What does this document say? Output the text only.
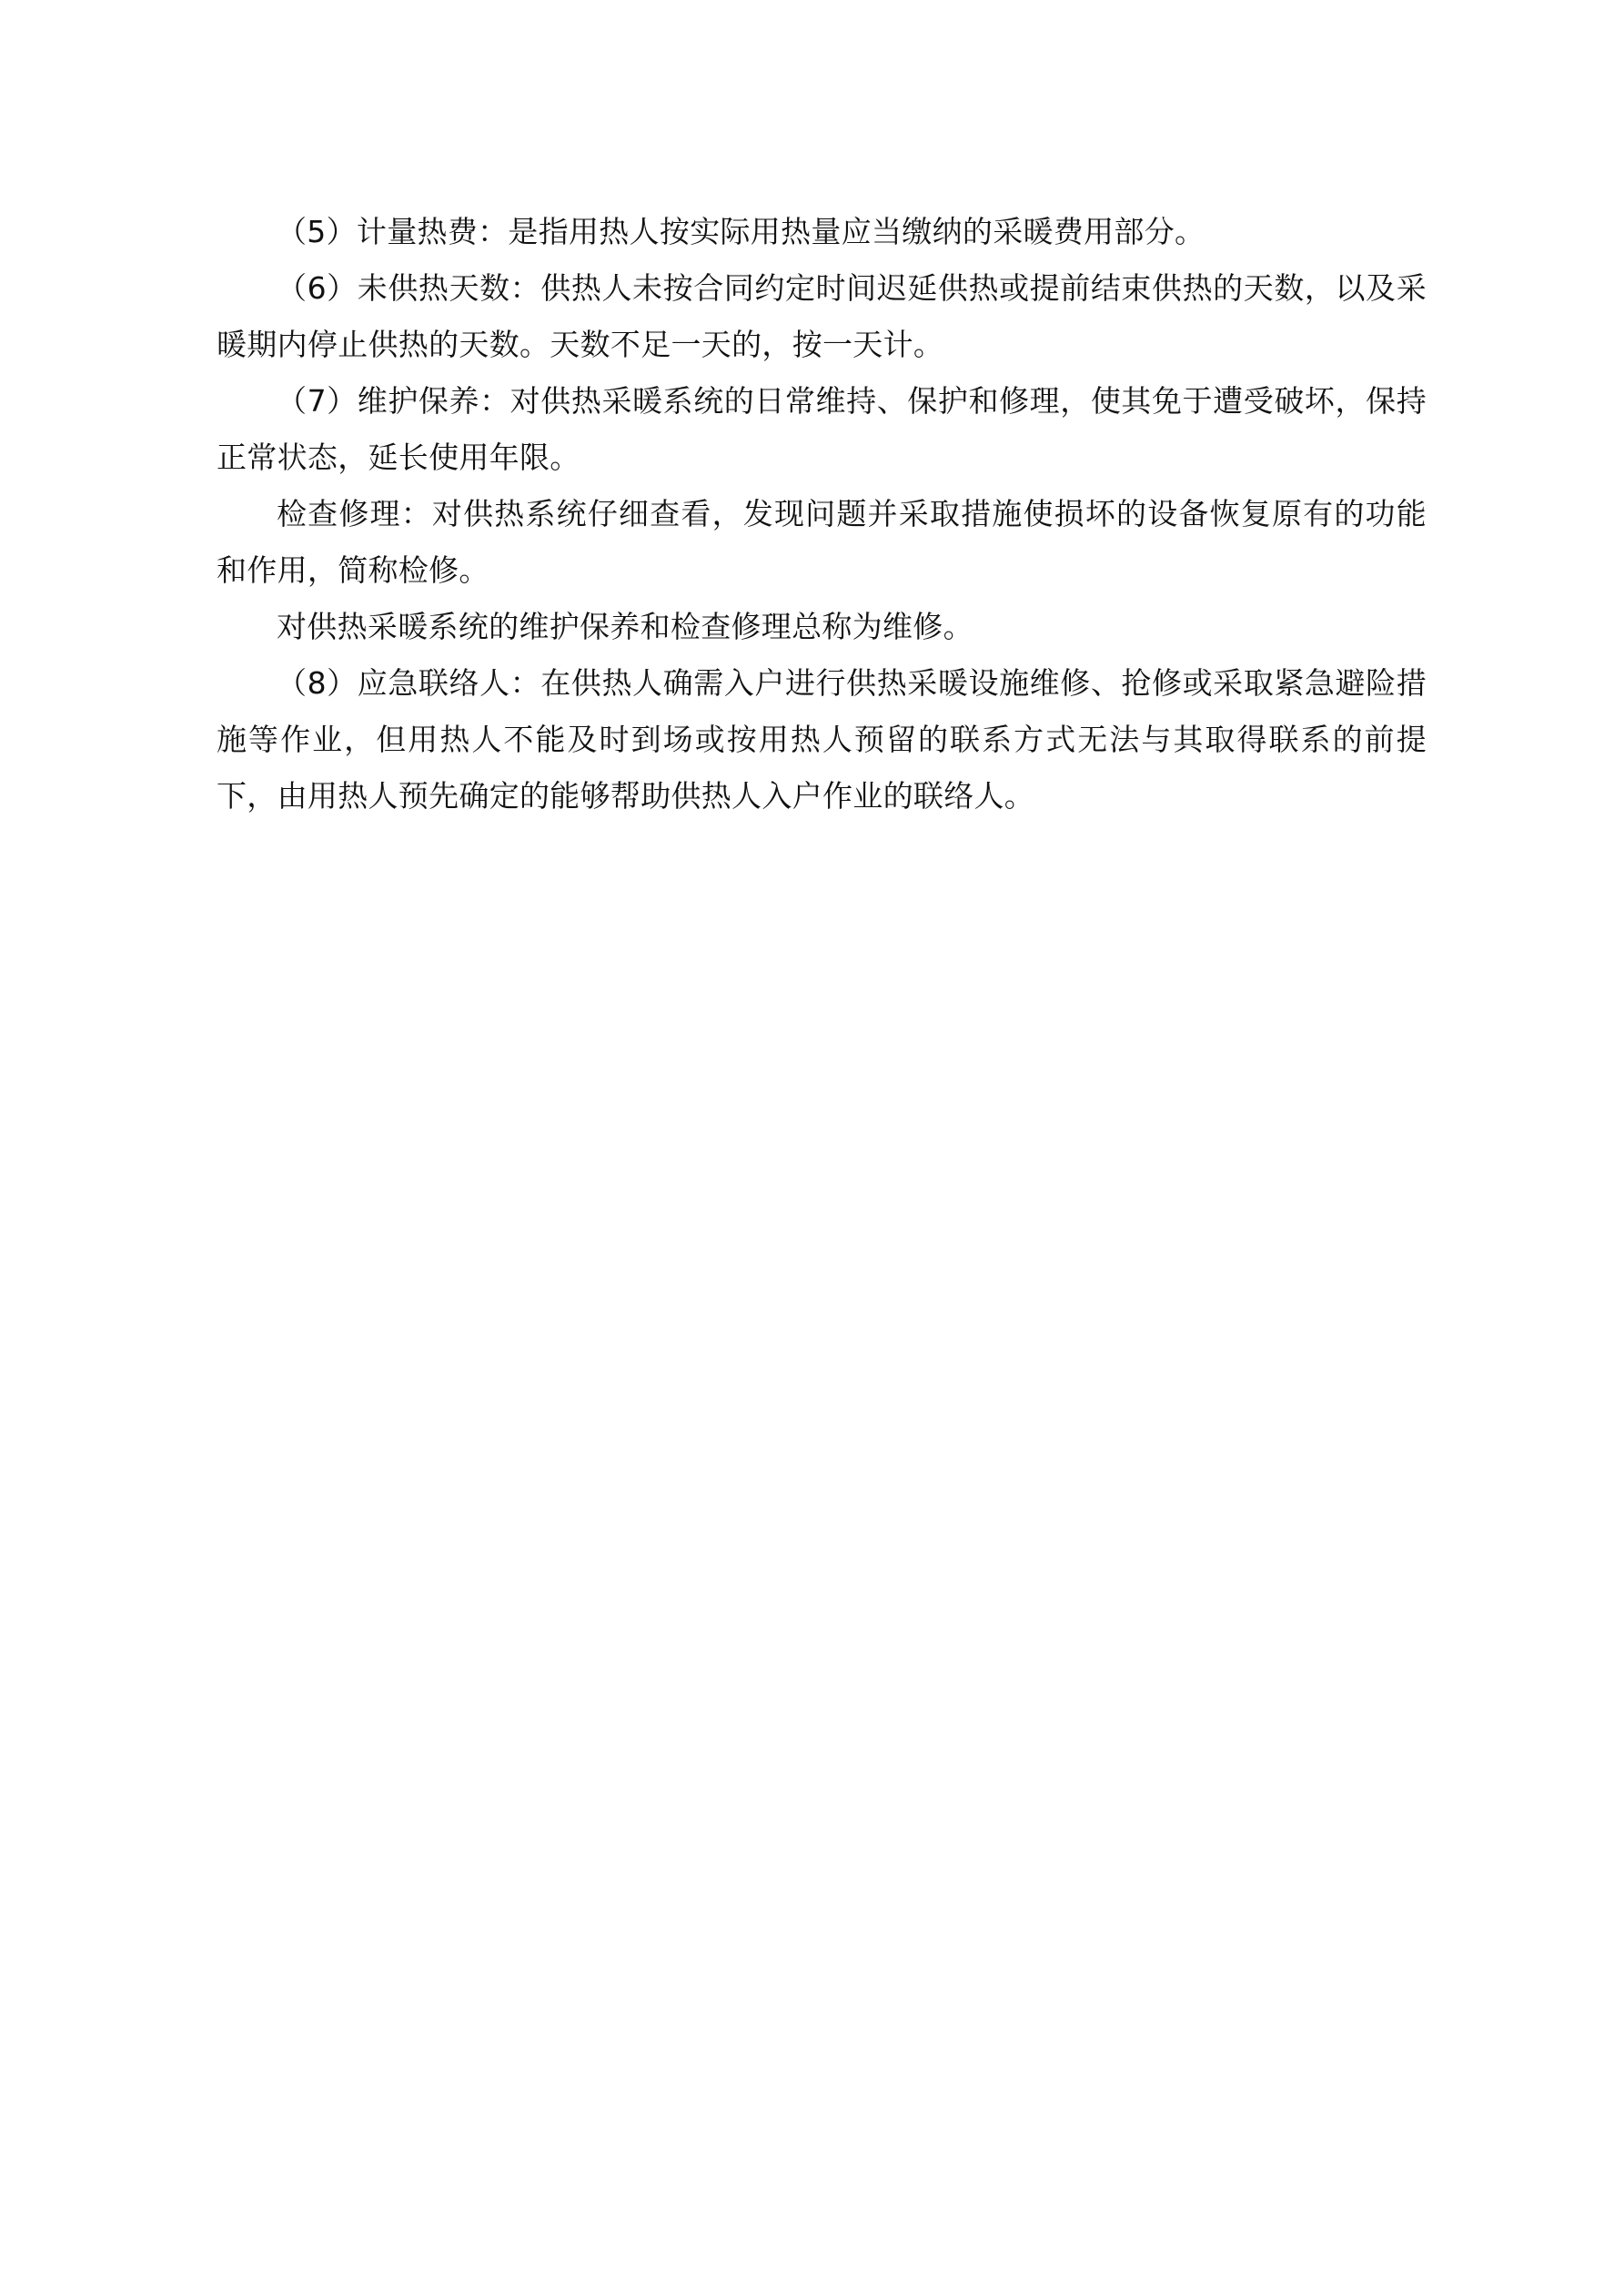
（5）计量热费：是指用热人按实际用热量应当缴纳的采暖费用部分。

（6）未供热天数：供热人未按合同约定时间迟延供热或提前结束供热的天数，以及采暖期内停止供热的天数。天数不足一天的，按一天计。

（7）维护保养：对供热采暖系统的日常维持、保护和修理，使其免于遭受破坏，保持正常状态，延长使用年限。

检查修理：对供热系统仔细查看，发现问题并采取措施使损坏的设备恢复原有的功能和作用，简称检修。

对供热采暖系统的维护保养和检查修理总称为维修。

（8）应急联络人：在供热人确需入户进行供热采暖设施维修、抢修或采取紧急避险措施等作业，但用热人不能及时到场或按用热人预留的联系方式无法与其取得联系的前提下，由用热人预先确定的能够帮助供热人入户作业的联络人。
